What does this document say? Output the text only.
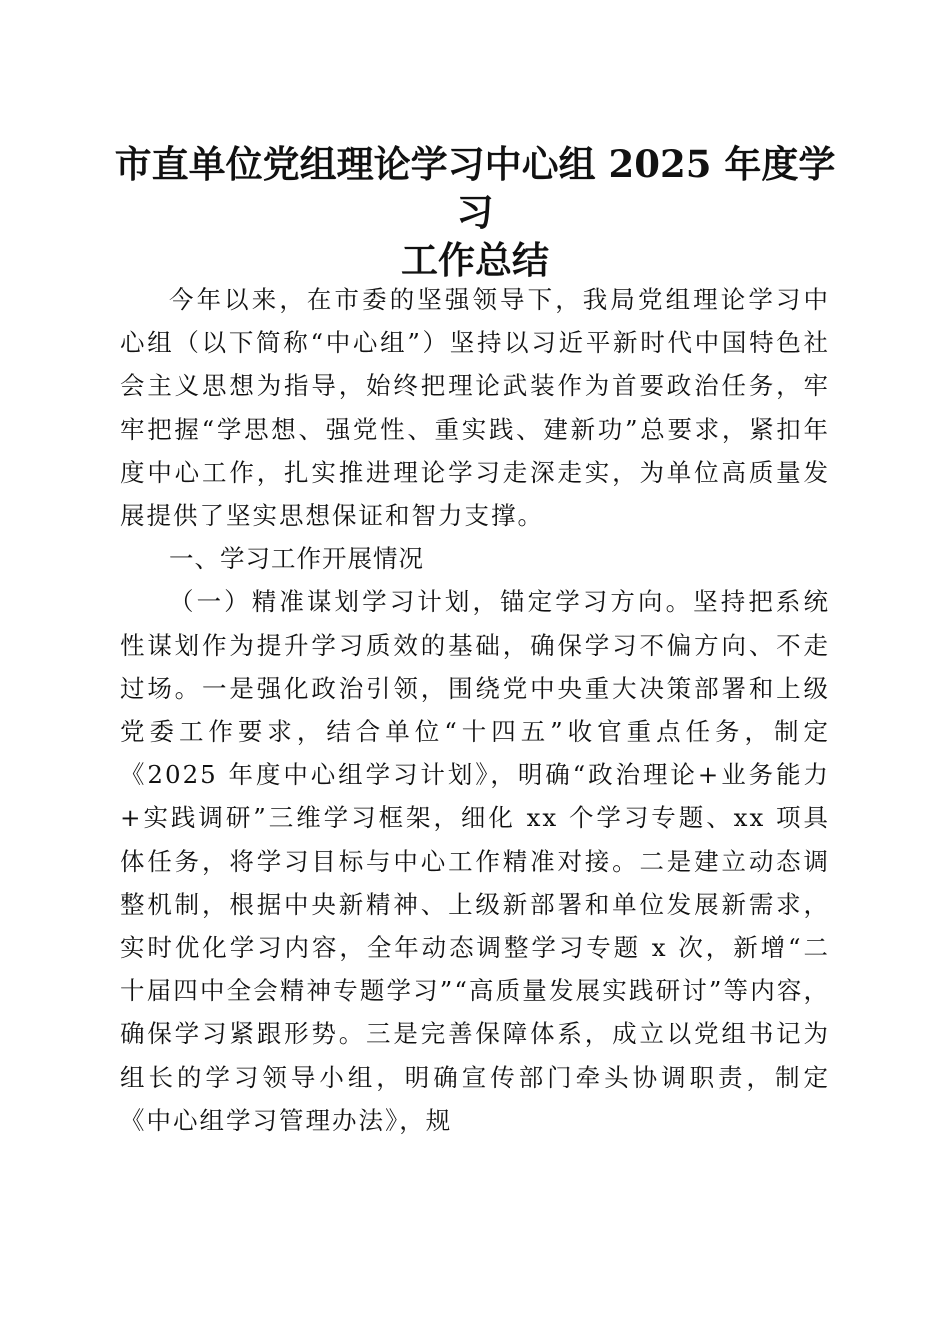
市直单位党组理论学习中心组 2025 年度学习
工作总结

今年以来，在市委的坚强领导下，我局党组理论学习中心组（以下简称“中心组”）坚持以习近平新时代中国特色社会主义思想为指导，始终把理论武装作为首要政治任务，牢牢把握“学思想、强党性、重实践、建新功”总要求，紧扣年度中心工作，扎实推进理论学习走深走实，为单位高质量发展提供了坚实思想保证和智力支撑。

一、学习工作开展情况

（一）精准谋划学习计划，锚定学习方向。坚持把系统性谋划作为提升学习质效的基础，确保学习不偏方向、不走过场。一是强化政治引领，围绕党中央重大决策部署和上级党委工作要求，结合单位“十四五”收官重点任务，制定《2025 年度中心组学习计划》，明确“政治理论+业务能力+实践调研”三维学习框架，细化 xx 个学习专题、xx 项具体任务，将学习目标与中心工作精准对接。二是建立动态调整机制，根据中央新精神、上级新部署和单位发展新需求，实时优化学习内容，全年动态调整学习专题 x 次，新增“二十届四中全会精神专题学习”“高质量发展实践研讨”等内容，确保学习紧跟形势。三是完善保障体系，成立以党组书记为组长的学习领导小组，明确宣传部门牵头协调职责，制定《中心组学习管理办法》，规
